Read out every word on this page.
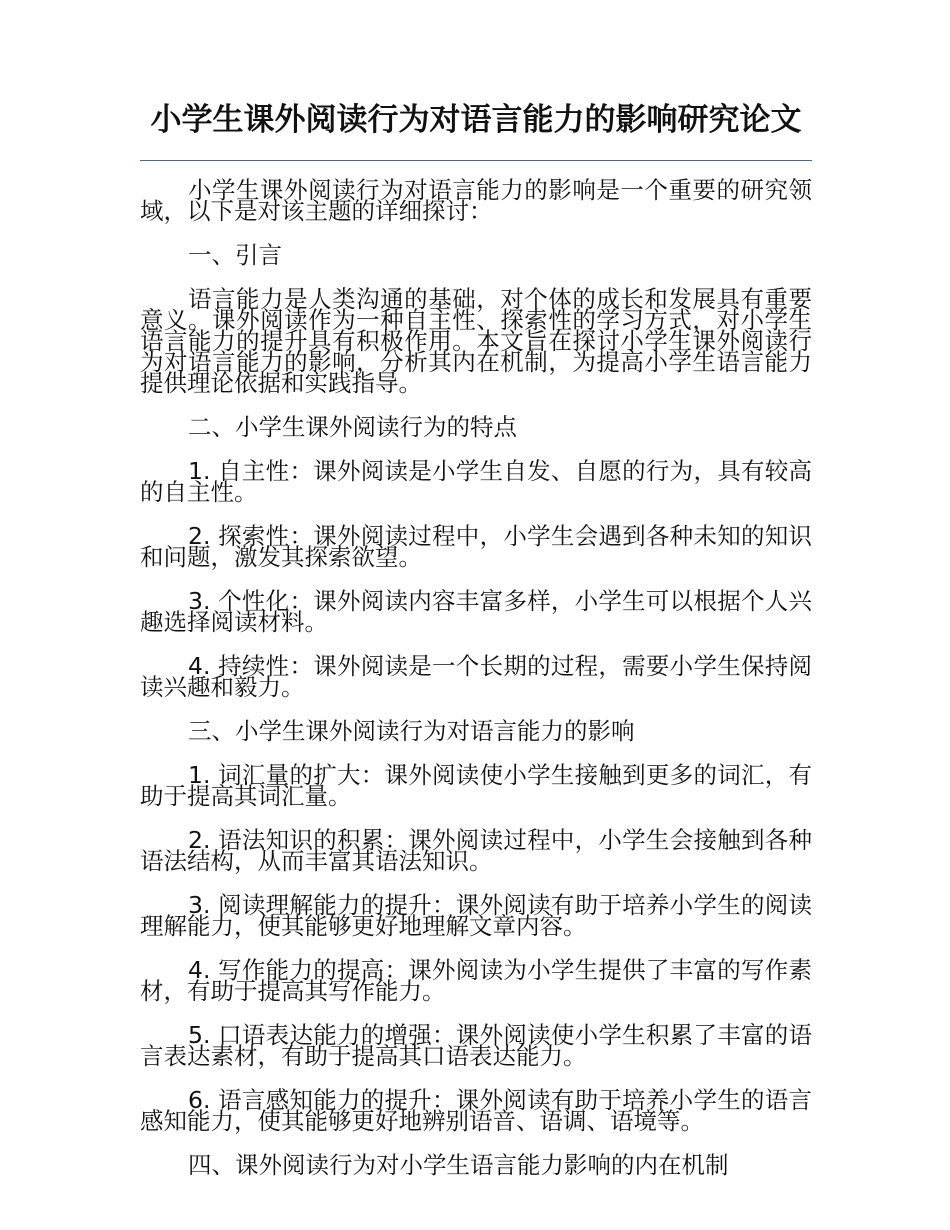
小学生课外阅读行为对语言能力的影响研究论文

小学生课外阅读行为对语言能力的影响是一个重要的研究领域，以下是对该主题的详细探讨：

一、引言

语言能力是人类沟通的基础，对个体的成长和发展具有重要意义。课外阅读作为一种自主性、探索性的学习方式，对小学生语言能力的提升具有积极作用。本文旨在探讨小学生课外阅读行为对语言能力的影响，分析其内在机制，为提高小学生语言能力提供理论依据和实践指导。

二、小学生课外阅读行为的特点

1. 自主性：课外阅读是小学生自发、自愿的行为，具有较高的自主性。

2. 探索性：课外阅读过程中，小学生会遇到各种未知的知识和问题，激发其探索欲望。

3. 个性化：课外阅读内容丰富多样，小学生可以根据个人兴趣选择阅读材料。

4. 持续性：课外阅读是一个长期的过程，需要小学生保持阅读兴趣和毅力。

三、小学生课外阅读行为对语言能力的影响

1. 词汇量的扩大：课外阅读使小学生接触到更多的词汇，有助于提高其词汇量。

2. 语法知识的积累：课外阅读过程中，小学生会接触到各种语法结构，从而丰富其语法知识。

3. 阅读理解能力的提升：课外阅读有助于培养小学生的阅读理解能力，使其能够更好地理解文章内容。

4. 写作能力的提高：课外阅读为小学生提供了丰富的写作素材，有助于提高其写作能力。

5. 口语表达能力的增强：课外阅读使小学生积累了丰富的语言表达素材，有助于提高其口语表达能力。

6. 语言感知能力的提升：课外阅读有助于培养小学生的语言感知能力，使其能够更好地辨别语音、语调、语境等。

四、课外阅读行为对小学生语言能力影响的内在机制
